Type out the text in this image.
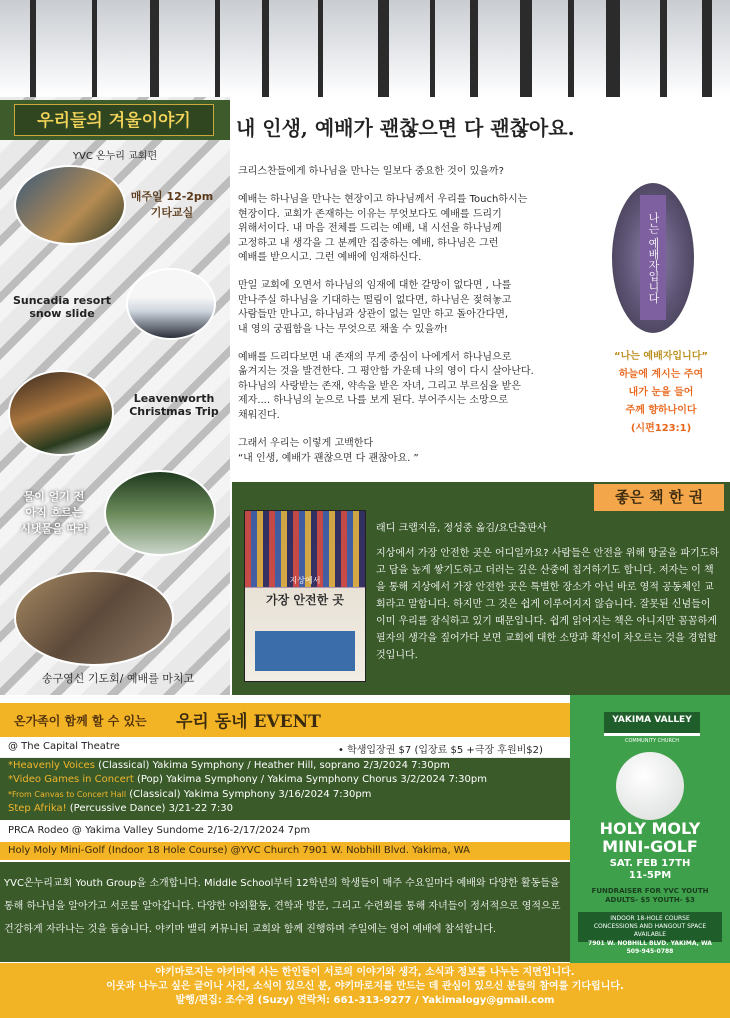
우리들의 겨울이야기
YVC 온누리 교회편
매주일 12-2pm
기타교실
Suncadia resort
snow slide
Leavenworth
Christmas Trip
물이 얼기 전
아직 흐르는
시냇물을 따라
송구영신 기도회/ 예배를 마치고
내 인생, 예배가 괜찮으면 다 괜찮아요.

크리스찬들에게 하나님을 만나는 일보다 중요한 것이 있을까?

예배는 하나님을 만나는 현장이고 하나님께서 우리를 Touch하시는
현장이다. 교회가 존재하는 이유는 무엇보다도 예배를 드리기
위해서이다. 내 마음 전체를 드리는 예배, 내 시선을 하나님께
고정하고 내 생각을 그 분께만 집중하는 예배, 하나님은 그런
예배를 받으시고. 그런 예배에 임재하신다.

만일 교회에 오면서 하나님의 임재에 대한 갈망이 없다면 , 나를
만나주실 하나님을 기대하는 떨림이 없다면, 하나님은 젖혀놓고
사람들만 만나고, 하나님과 상관이 없는 일만 하고 돌아간다면,
내 영의 궁핍함을 나는 무엇으로 채울 수 있을까!

예배를 드리다보면 내 존재의 무게 중심이 나에게서 하나님으로
옮겨지는 것을 발견한다. 그 평안함 가운데 나의 영이 다시 살아난다.
하나님의 사랑받는 존재, 약속을 받은 자녀, 그리고 부르심을 받은
제자.... 하나님의 눈으로 나를 보게 된다. 부어주시는 소망으로
채워진다.

그래서 우리는 이렇게 고백한다
“내 인생, 예배가 괜찮으면 다 괜찮아요. ”

나는 예배자입니다
“나는 예배자입니다”
하늘에 계시는 주여
내가 눈을 들어
주께 향하나이다
(시편123:1)
좋은 책 한 권
지상에서
가장 안전한 곳
래디 크랩지음, 정성중 옮김/요단출판사
지상에서 가장 안전한 곳은 어디일까요? 사람들은 안전을 위해 땅굴을 파기도하고 담을 높게 쌓기도하고 더러는 깊은 산중에 칩거하기도 합니다. 저자는 이 책을 통해 지상에서 가장 안전한 곳은 특별한 장소가 아닌 바로 영적 공동체인 교회라고 말합니다. 하지만 그 것은 쉽게 이루어지지 않습니다. 잘못된 신념들이 이미 우리를 잠식하고 있기 때문입니다. 쉽게 읽어지는 책은 아니지만 꼼꼼하게 필자의 생각을 짚어가다 보면 교회에 대한 소망과 확신이 차오르는 것을 경험할 것입니다.
온가족이 함께 할 수 있는 우리 동네 EVENT
@ The Capital Theatre	• 학생입장권 $7 (입장료 $5 +극장 후원비$2)
*Heavenly Voices (Classical) Yakima Symphony / Heather Hill, soprano 2/3/2024 7:30pm
*Video Games in Concert (Pop) Yakima Symphony / Yakima Symphony Chorus 3/2/2024 7:30pm
*From Canvas to Concert Hall (Classical) Yakima Symphony 3/16/2024 7:30pm
Step Afrika! (Percussive Dance) 3/21-22 7:30
PRCA Rodeo @ Yakima Valley Sundome 2/16-2/17/2024 7pm
Holy Moly Mini-Golf (Indoor 18 Hole Course) @YVC Church 7901 W. Nobhill Blvd. Yakima, WA
YVC온누리교회 Youth Group을 소개합니다. Middle School부터 12학년의 학생들이 매주 수요일마다 예배와 다양한 활동들을 통해 하나님을 알아가고 서로를 알아갑니다. 다양한 야외활동, 견학과 방문, 그리고 수련회를 통해 자녀들이 정서적으로 영적으로 건강하게 자라나는 것을 돕습니다. 야키마 밸리 커뮤니티 교회와 함께 진행하며 주일에는 영어 예배에 참석합니다.
YAKIMA VALLEY
COMMUNITY CHURCH
HOLY MOLY
MINI-GOLF
SAT. FEB 17TH
11-5PM
FUNDRAISER FOR YVC YOUTH
ADULTS- $5 YOUTH- $3
INDOOR 18-HOLE COURSE
CONCESSIONS AND HANGOUT SPACE
AVAILABLE
7901 W. NOBHILL BLVD. YAKIMA, WA
509-945-0788
야키마로지는 야키마에 사는 한인들이 서로의 이야기와 생각, 소식과 정보를 나누는 지면입니다.
이웃과 나누고 싶은 글이나 사진, 소식이 있으신 분, 야키마로지를 만드는 데 관심이 있으신 분들의 참여를 기다립니다.
발행/편집: 조수경 (Suzy) 연락처: 661-313-9277 / Yakimalogy@gmail.com
